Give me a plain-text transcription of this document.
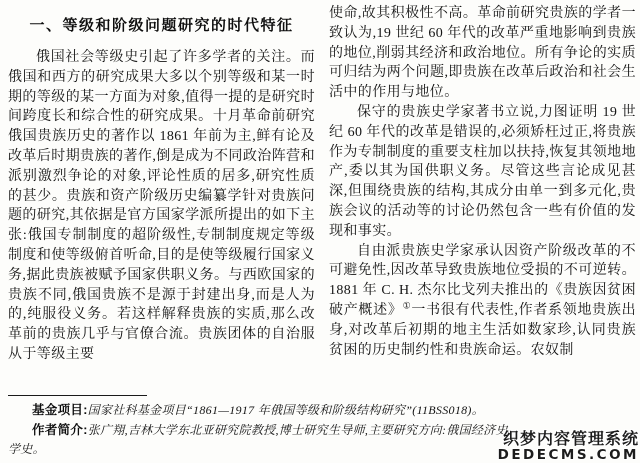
一、等级和阶级问题研究的时代特征

俄国社会等级史引起了许多学者的关注。而俄国和西方的研究成果大多以个别等级和某一时期的等级的某一方面为对象,值得一提的是研究时间跨度长和综合性的研究成果。十月革命前研究俄国贵族历史的著作以 1861 年前为主,鲜有论及改革后时期贵族的著作,倒是成为不同政治阵营和派别激烈争论的对象,评论性质的居多,研究性质的甚少。贵族和资产阶级历史编纂学针对贵族问题的研究,其依据是官方国家学派所提出的如下主张:俄国专制制度的超阶级性,专制制度规定等级制度和使等级俯首听命,目的是使等级履行国家义务,据此贵族被赋予国家供职义务。与西欧国家的贵族不同,俄国贵族不是源于封建出身,而是人为的,纯服役义务。若这样解释贵族的实质,那么改革前的贵族几乎与官僚合流。贵族团体的自治服从于等级主要

使命,故其积极性不高。革命前研究贵族的学者一致认为,19 世纪 60 年代的改革严重地影响到贵族的地位,削弱其经济和政治地位。所有争论的实质可归结为两个问题,即贵族在改革后政治和社会生活中的作用与地位。

保守的贵族史学家著书立说,力图证明 19 世纪 60 年代的改革是错误的,必须矫枉过正,将贵族作为专制制度的重要支柱加以扶持,恢复其领地地产,委以其为国供职义务。尽管这些言论成见甚深,但围绕贵族的结构,其成分由单一到多元化,贵族会议的活动等的讨论仍然包含一些有价值的发现和事实。

自由派贵族史学家承认因资产阶级改革的不可避免性,因改革导致贵族地位受损的不可逆转。1881 年 C. H. 杰尔比戈列夫推出的《贵族因贫困破产概述》①一书很有代表性,作者系领地贵族出身,对改革后初期的地主生活如数家珍,认同贵族贫困的历史制约性和贵族命运。农奴制

基金项目:国家社科基金项目“1861—1917 年俄国等级和阶级结构研究”(11BSS018)。

作者简介:张广翔,吉林大学东北亚研究院教授,博士研究生导师,主要研究方向:俄国经济史

学史。

织梦内容管理系统
DEDECMS.COM
